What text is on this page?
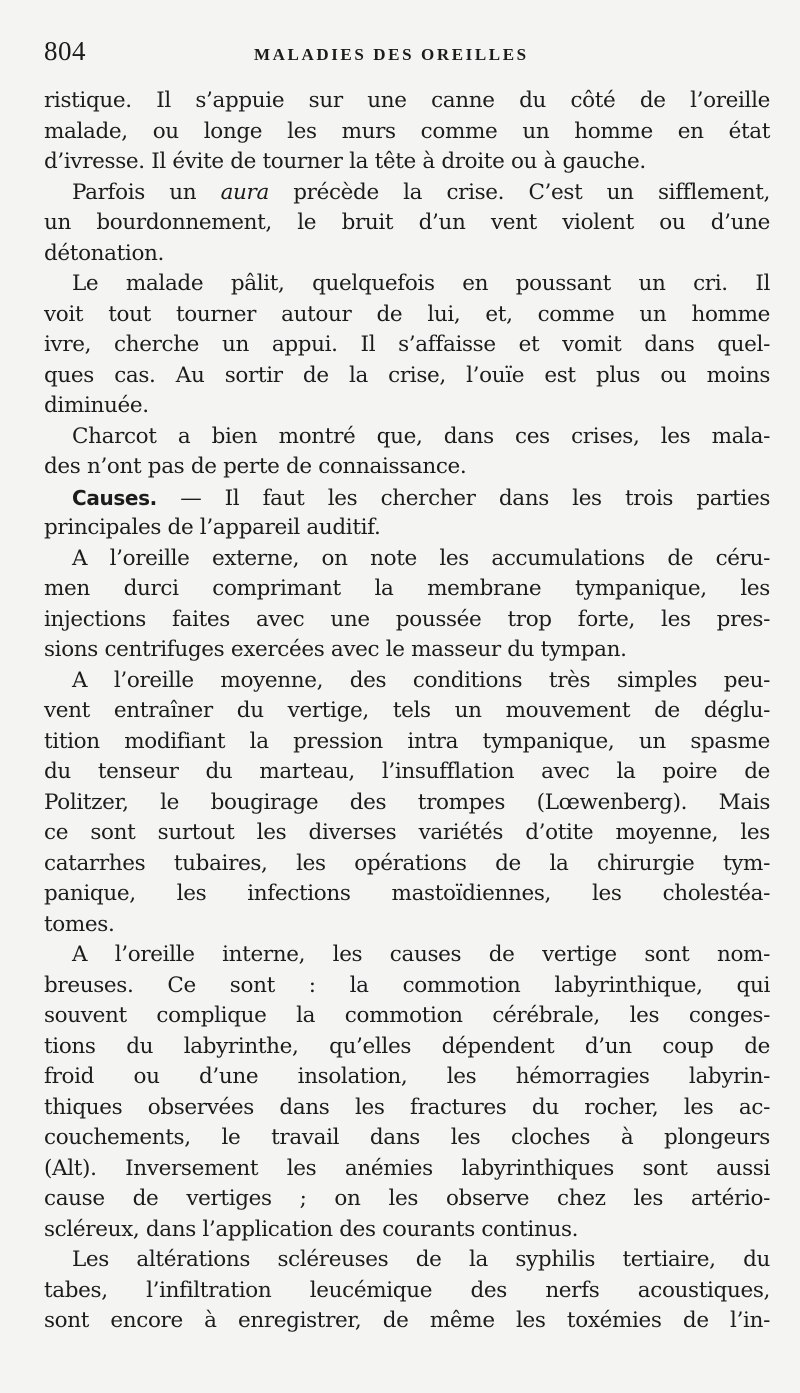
804	MALADIES DES OREILLES
ristique. Il s’appuie sur une canne du côté de l’oreille
malade, ou longe les murs comme un homme en état
d’ivresse. Il évite de tourner la tête à droite ou à gauche.
Parfois un aura précède la crise. C’est un sifflement,
un bourdonnement, le bruit d’un vent violent ou d’une
détonation.
Le malade pâlit, quelquefois en poussant un cri. Il
voit tout tourner autour de lui, et, comme un homme
ivre, cherche un appui. Il s’affaisse et vomit dans quel-
ques cas. Au sortir de la crise, l’ouïe est plus ou moins
diminuée.
Charcot a bien montré que, dans ces crises, les mala-
des n’ont pas de perte de connaissance.
Causes. — Il faut les chercher dans les trois parties
principales de l’appareil auditif.
A l’oreille externe, on note les accumulations de céru-
men durci comprimant la membrane tympanique, les
injections faites avec une poussée trop forte, les pres-
sions centrifuges exercées avec le masseur du tympan.
A l’oreille moyenne, des conditions très simples peu-
vent entraîner du vertige, tels un mouvement de déglu-
tition modifiant la pression intra tympanique, un spasme
du tenseur du marteau, l’insufflation avec la poire de
Politzer, le bougirage des trompes (Lœwenberg). Mais
ce sont surtout les diverses variétés d’otite moyenne, les
catarrhes tubaires, les opérations de la chirurgie tym-
panique, les infections mastoïdiennes, les cholestéa-
tomes.
A l’oreille interne, les causes de vertige sont nom-
breuses. Ce sont : la commotion labyrinthique, qui
souvent complique la commotion cérébrale, les conges-
tions du labyrinthe, qu’elles dépendent d’un coup de
froid ou d’une insolation, les hémorragies labyrin-
thiques observées dans les fractures du rocher, les ac-
couchements, le travail dans les cloches à plongeurs
(Alt). Inversement les anémies labyrinthiques sont aussi
cause de vertiges ; on les observe chez les artério-
scléreux, dans l’application des courants continus.
Les altérations scléreuses de la syphilis tertiaire, du
tabes, l’infiltration leucémique des nerfs acoustiques,
sont encore à enregistrer, de même les toxémies de l’in-
